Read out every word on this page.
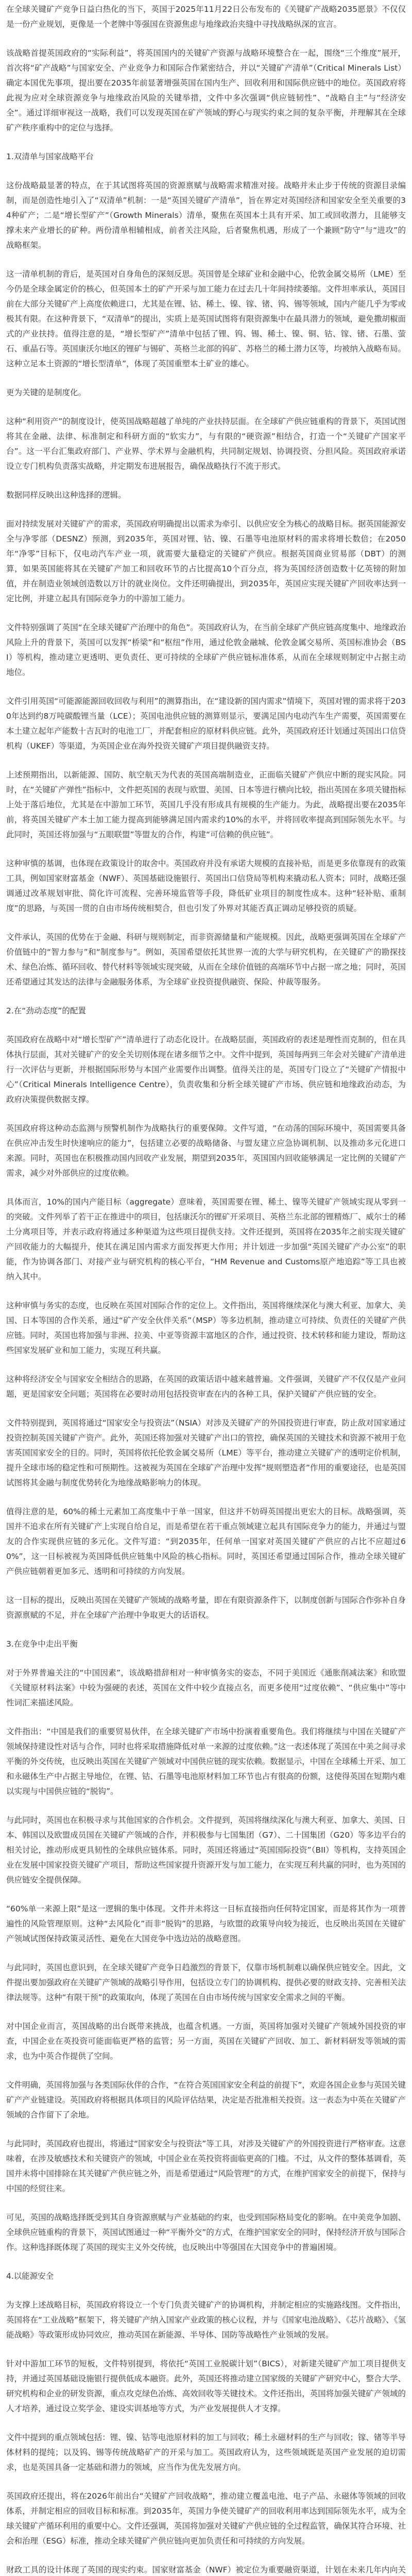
在全球关键矿产竞争日益白热化的当下，英国于2025年11月22日公布发布的《关键矿产战略2035愿景》不仅仅是一份产业规划，更像是一个老牌中等强国在资源焦虑与地缘政治夹缝中寻找战略纵深的宣言。

该战略首提英国政府的“实际利益”，将英国国内的关键矿产资源与战略环境整合在一起，围绕“三个维度”展开，首次将“矿产战略”与国家安全、产业竞争力和国际合作紧密结合，并以“关键矿产清单”（Critical Minerals List）确定本国优先事项，提出要在2035年前显著增强英国在国内生产、回收利用和国际供应链中的地位。英国政府将此视为应对全球资源竞争与地缘政治风险的关键举措，文件中多次强调“供应链韧性”、“战略自主”与“经济安全”。通过详细审视这一战略，我们可以发现英国在矿产领域的野心与现实约束之间的复杂平衡，并理解其在全球矿产秩序重构中的定位与选择。

1.双清单与国家战略平台

这份战略最显著的特点，在于其试图将英国的资源禀赋与战略需求精准对接。战略并未止步于传统的资源目录编制，而是创造性地引入了“双清单”机制：一是“英国关键矿产清单”，旨在界定对英国经济和国家安全至关重要的34种矿产；二是“增长型矿产”（Growth Minerals）清单，聚焦在英国本土具有开采、加工或回收潜力，且能够支撑未来产业增长的矿种。两份清单相辅相成，前者关注风险，后者聚焦机遇，形成了一个兼顾“防守”与“进攻”的战略框架。

这一清单机制的背后，是英国对自身角色的深刻反思。英国曾是全球矿业和金融中心，伦敦金属交易所（LME）至今仍是全球金属定价的核心，但英国本土的矿产开采与加工能力在过去几十年间持续萎缩。文件坦率承认，英国目前在大部分关键矿产上高度依赖进口，尤其是在锂、钴、稀土、镍、镓、锗、钨、锡等领域，国内产能几乎为零或极其有限。在这种背景下，“双清单”的提出，实质上是英国试图将有限资源集中在最具潜力的领域，避免撒胡椒面式的产业扶持。值得注意的是，“增长型矿产”清单中包括了锂、钨、锡、稀土、镍、铜、钴、镓、锗、石墨、萤石、重晶石等。英国康沃尔地区的锂矿与锡矿、英格兰北部的钨矿、苏格兰的稀土潜力区等，均被纳入战略布局。这种立足本土资源的“增长型清单”，体现了英国重塑本土矿业的雄心。

更为关键的是制度化。

这种“利用资产”的制度设计，使英国战略超越了单纯的产业扶持层面。在全球矿产供应链重构的背景下，英国试图将其在金融、法律、标准制定和科研方面的“软实力”，与有限的“硬资源”相结合，打造一个“关键矿产国家平台”。这一平台汇集政府部门、产业界、学术界与金融机构，共同制定规划、协调投资、分担风险。英国政府承诺设立专门机构负责落实战略，并定期发布进展报告，确保战略执行不流于形式。

数据同样反映出这种选择的逻辑。

面对持续发展对关键矿产的需求，英国政府明确提出以需求为牵引、以供应安全为核心的战略目标。据英国能源安全与净零部（DESNZ）预测，到2035年，英国对锂、钴、镍、石墨等电池原材料的需求将增长数倍；在2050年“净零”目标下，仅电动汽车产业一项，就需要大量稳定的关键矿产供应。根据英国商业贸易部（DBT）的测算，如果英国能将其在关键矿产加工和回收环节的占比提高10个百分点，将为英国经济创造数十亿英镑的附加值，并在制造业领域创造数以万计的就业岗位。文件还明确提出，到2035年，英国应实现关键矿产回收率达到一定比例，并建立起具有国际竞争力的中游加工能力。

文件特别强调了英国“在全球关键矿产治理中的角色”。英国政府认为，在当前全球矿产供应链高度集中、地缘政治风险上升的背景下，英国可以发挥“桥梁”和“枢纽”作用，通过伦敦金融城、伦敦金属交易所、英国标准协会（BSI）等机构，推动建立更透明、更负责任、更可持续的全球矿产供应链标准体系，从而在全球规则制定中占据主动地位。

文件引用英国“可能源能源回收回收与利用”的测算指出，在“建设新的国内需求”情境下，英国对锂的需求将于2030年达到约8万吨碳酸锂当量（LCE）；英国电池供应链的测算则显示，要满足国内电动汽车生产需要，英国需要在本土建立起年产能数十吉瓦时的电池工厂，并配套相应的原材料供应链。此外，英国政府还计划通过英国出口信贷机构（UKEF）等渠道，为英国企业在海外投资关键矿产项目提供融资支持。

上述预期指出，以新能源、国防、航空航天为代表的英国高端制造业，正面临关键矿产供应中断的现实风险。同时，在“关键矿产弹性”指标中，文件把英国的表现与欧盟、美国、日本等进行横向比较，指出英国在多项关键指标上处于落后地位，尤其是在中游加工环节，英国几乎没有形成具有规模的生产能力。为此，战略提出要在2035年前，将英国关键矿产本土加工能力提高到能够满足国内需求约10%的水平，并将回收率提高到国际领先水平。与此同时，英国还将加强与“五眼联盟”等盟友的合作，构建“可信赖的供应链”。

这种审慎的基调，也体现在政策设计的取舍中。英国政府并没有承诺大规模的直接补贴，而是更多依靠现有的政策工具，例如国家财富基金（NWF）、英国基础设施银行、英国出口信贷局等机构来撬动私人资本；同时，战略还强调通过改革规划审批、简化许可流程、完善环境监管等手段，降低矿业项目的制度性成本。这种“轻补贴、重制度”的思路，与英国一贯的自由市场传统相契合，但也引发了外界对其能否真正调动足够投资的质疑。

文件承认，英国的优势在于金融、科研与规则制定，而非资源储量和产能规模。因此，战略更强调英国在全球矿产价值链中的“智力参与”和“制度参与”。例如，英国希望依托其世界一流的大学与研究机构，在关键矿产的勘探技术、绿色冶炼、循环回收、替代材料等领域实现突破，从而在全球价值链的高端环节中占据一席之地；同时，英国还希望通过其发达的法律与金融服务体系，为全球矿业投资提供融资、保险、仲裁等服务。

2.在“劲动态度”的配置

英国政府在战略中对“增长型矿产”清单进行了动态化设计。在战略层面，英国政府的表述是理性而克制的，但在具体执行层面，其对关键矿产的安全关切则体现在诸多细节之中。文件中提到，英国每两到三年会对关键矿产清单进行一次评估与更新，并根据国际形势与本国产业需要作出调整。值得关注的是，英国专门设立了“关键矿产情报中心”（Critical Minerals Intelligence Centre），负责收集和分析全球关键矿产市场、供应链和地缘政治动态，为政府决策提供数据支撑。

英国政府将这种动态监测与预警机制作为战略执行的重要保障。文件写道，“在动荡的国际环境中，英国需要具备在供应冲击发生时快速响应的能力”，包括建立必要的战略储备、与盟友建立应急协调机制、以及推动多元化进口来源。同时，英国也在积极推动国内回收产业发展，期望到2035年，英国国内回收能够满足一定比例的关键矿产需求，减少对外部供应的过度依赖。

具体而言，10%的国内产能目标（aggregate）意味着，英国需要在锂、稀土、镍等关键矿产领域实现从零到一的突破。文件列举了若干正在推进中的项目，包括康沃尔的锂矿开采项目、英格兰东北部的锂精炼厂、威尔士的稀土分离项目等，并表示政府将通过多种渠道为这些项目提供支持。文件还提到，英国将在2035年之前实现关键矿产回收能力的大幅提升，使其在满足国内需求方面发挥更大作用；并计划进一步加强“英国关键矿产办公室”的职能，作为协调各部门、对接产业与研究机构的核心平台，“HM Revenue and Customs原产地追踪”等工具也被纳入其中。

这种审慎与务实的态度，也反映在英国对国际合作的定位上。文件指出，英国将继续深化与澳大利亚、加拿大、美国、日本等国的合作关系，通过“矿产安全伙伴关系”（MSP）等多边机制，推动建立可持续、负责任的关键矿产供应链。同时，英国也将加强与非洲、拉美、中亚等资源丰富地区的合作，通过投资、技术转移和能力建设，帮助这些国家发展矿业和加工能力，实现互利共赢。

这种将经济安全与国家安全相结合的思路，在英国的政策话语中越来越普遍。文件强调，关键矿产不仅仅是产业问题，更是国家安全问题；英国将在必要时动用包括投资审查在内的各种工具，保护关键矿产供应链的安全。

文件特别提到，英国将通过“国家安全与投资法”（NSIA）对涉及关键矿产的外国投资进行审查，防止敌对国家通过投资控制英国关键矿产资产。此外，英国还将加强对关键矿产出口的管控，确保英国的关键技术和资源不被用于危害英国国家安全的目的。同时，英国将依托伦敦金属交易所（LME）等平台，推动建立关键矿产的透明定价机制，提升全球市场的稳定性和可预期性。这被视为英国在全球矿产治理中发挥“规则塑造者”作用的重要途径，也是英国试图将其金融与制度优势转化为地缘战略影响力的体现。

值得注意的是，60%的稀土元素加工高度集中于单一国家，但这并不妨碍英国提出更宏大的目标。战略强调，英国并不追求在所有关键矿产上实现自给自足，而是希望在若干重点领域建立起具有国际竞争力的能力，并通过与盟友的合作实现供应链的多元化。文件写道：“到2035年，任何单一国家对英国关键矿产供应的占比不应超过60%”，这一目标被视为英国降低供应链集中风险的核心指标。同时，英国还希望通过国际合作，推动全球关键矿产供应链朝着更加多元、透明和可持续的方向发展。

这一目标的提出，反映出英国在关键矿产领域的战略考量，即在有限资源条件下，以制度创新与国际合作弥补自身资源禀赋的不足，并在全球矿产治理中争取更大的话语权。

3.在竞争中走出平衡

对于外界普遍关注的“中国因素”，该战略措辞相对一种审慎务实的姿态，不同于美国近《通胀削减法案》和欧盟《关键原材料法案》中较为强硬的表述，英国在文件中较少直接点名，而更多使用“过度依赖”、“供应集中”等中性词汇来描述风险。

文件指出：“中国是我们的重要贸易伙伴，在全球关键矿产市场中扮演着重要角色。我们将继续与中国在关键矿产领域保持建设性对话与合作，同时也将采取措施降低对单一来源的过度依赖。”这一表述体现了英国在中美之间寻求平衡的外交传统，也反映出英国在关键矿产领域对中国供应链的现实依赖。数据显示，中国在全球稀土开采、加工和永磁体生产中占据主导地位，在锂、钴、石墨等电池原材料加工环节也占有很高的份额，这使得英国在短期内难以实现与中国供应链的“脱钩”。

与此同时，英国也在积极寻求与其他国家的合作机会。文件提到，英国将继续深化与澳大利亚、加拿大、美国、日本、韩国以及欧盟成员国在关键矿产领域的合作，并积极参与七国集团（G7）、二十国集团（G20）等多边平台的相关讨论，推动形成更具韧性的全球供应链体系。同时，英国还将通过“英国国际投资”（BII）等机构，支持英国企业在发展中国家投资关键矿产项目，帮助这些国家提升资源开发与加工能力，在实现互利共赢的同时，也为英国的供应链安全提供保障。

“60%单一来源上限”是这一逻辑的集中体现。文件并未将这一目标直接指向任何特定国家，而是将其作为一项普遍性的风险管理原则。这种“去风险化”而非“脱钩”的思路，与欧盟的政策导向较为接近，也反映出英国在关键矿产领域试图保持政策灵活性、避免在大国竞争中选边站的战略意图。

与此同时，英国也意识到，在全球关键矿产竞争日趋激烈的背景下，仅靠市场机制难以确保供应链安全。因此，文件提出要加强政府在关键矿产领域的战略引导作用，包括设立专门的协调机构、提供必要的财政支持、完善相关法律法规等。这种“有限干预”的政策取向，体现了英国在自由市场传统与国家安全需求之间的平衡。

对中国企业而言，英国战略的出台既带来挑战，也蕴含机遇。一方面，英国将加强对关键矿产领域外国投资的审查，中国企业在英投资可能面临更严格的监管；另一方面，英国在关键矿产回收、加工、新材料研发等领域的需求，也为中英合作提供了空间。

文件明确，英国将加强与各类国际伙伴的合作，“在符合英国国家安全利益的前提下”，欢迎各国企业参与英国关键矿产产业链建设。英国政府将根据具体项目的风险评估结果，决定是否批准相关投资。这一表态为中英在关键矿产领域的合作留下了余地。

与此同时，英国政府也提出，将通过“国家安全与投资法”等工具，对涉及关键矿产的外国投资进行严格审查。这意味着，在涉及敏感技术和关键资产的领域，中国企业在英投资将面临更高的门槛。不过，从文件的整体基调看，英国并未将中国排除在其关键矿产供应链之外，而是希望通过“风险管理”的方式，在维护国家安全的前提下，保持与中国的经贸往来。

可见，英国的战略选择既受到其自身资源禀赋与产业基础的约束，也受到国际格局变化的影响。在中美竞争加剧、全球供应链重构的背景下，英国试图通过一种“平衡外交”的方式，在维护国家安全的同时，保持经济开放与国际合作。这种选择既体现了英国的现实主义外交传统，也反映出中等强国在大国竞争中的普遍困境。

4.以能源安全

为支撑上述战略目标，英国政府将设立一个专门负责关键矿产的协调机构，并制定相应的实施路线图。文件指出，英国将在“工业战略”框架下，将关键矿产纳入国家产业政策的核心议程，并与《国家电池战略》、《芯片战略》、《氢能战略》等政策形成协同效应，推动英国在新能源、半导体、国防等战略性产业领域的发展。

针对中游加工环节的短板，文件特别提到，将依托“英国工业脱碳计划”（BICS），对新建关键矿产加工项目提供支持，并通过英国基础设施银行提供低成本融资。此外，英国还将推动建立国家级的关键矿产研究中心，整合大学、研究机构和企业的研发资源，重点攻克绿色冶炼、高效回收等关键技术。文件还指出，英国将加强关键矿产领域的人才培养，通过设立奖学金、建设实训基地等方式，为产业发展提供人才支撑。

文件中提到的重点领域包括：锂、镍、钴等电池原材料的加工与回收；稀土永磁材料的生产与回收；镓、锗等半导体材料的提纯；以及钨、锡等传统战略矿产的开采与加工。英国政府认为，这些领域既是英国产业发展的迫切需求，也是英国具备一定基础和潜力的领域，应当作为优先发展方向。

英国政府还提出，将在2026年前出台“关键矿产回收战略”，推动建立覆盖电池、电子产品、永磁体等领域的回收体系，并制定相应的回收目标和标准。到2035年，英国力争使关键矿产的回收利用率达到国际领先水平，成为全球关键矿产循环利用的重要中心。文件还强调，英国将加强对关键矿产供应链的全过程监管，确保其符合环境、社会和治理（ESG）标准，推动全球关键矿产供应链向更加负责任和可持续的方向发展。

财政工具的设计体现了英国的现实约束。国家财富基金（NWF）被定位为重要融资渠道，计划在未来几年内向关
